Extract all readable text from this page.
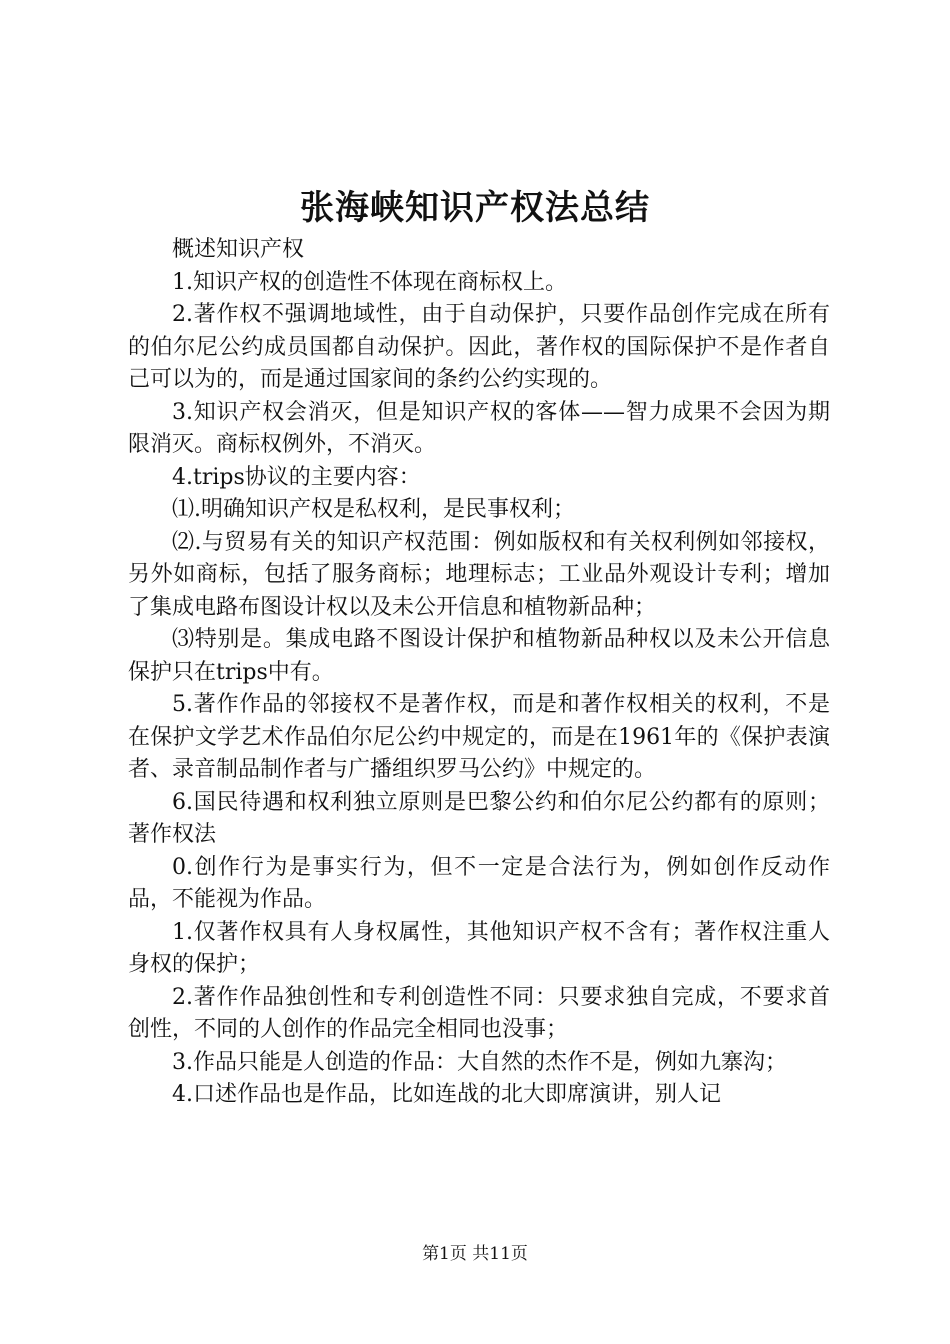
张海峡知识产权法总结

概述知识产权

1.知识产权的创造性不体现在商标权上。

2.著作权不强调地域性，由于自动保护，只要作品创作完成在所有的伯尔尼公约成员国都自动保护。因此，著作权的国际保护不是作者自己可以为的，而是通过国家间的条约公约实现的。

3.知识产权会消灭，但是知识产权的客体——智力成果不会因为期限消灭。商标权例外，不消灭。

4.trips协议的主要内容：

⑴.明确知识产权是私权利，是民事权利；

⑵.与贸易有关的知识产权范围：例如版权和有关权利例如邻接权，另外如商标，包括了服务商标；地理标志；工业品外观设计专利；增加了集成电路布图设计权以及未公开信息和植物新品种；

⑶特别是。集成电路不图设计保护和植物新品种权以及未公开信息保护只在trips中有。

5.著作作品的邻接权不是著作权，而是和著作权相关的权利，不是在保护文学艺术作品伯尔尼公约中规定的，而是在1961年的《保护表演者、录音制品制作者与广播组织罗马公约》中规定的。

6.国民待遇和权利独立原则是巴黎公约和伯尔尼公约都有的原则；著作权法

0.创作行为是事实行为，但不一定是合法行为，例如创作反动作品，不能视为作品。

1.仅著作权具有人身权属性，其他知识产权不含有；著作权注重人身权的保护；

2.著作作品独创性和专利创造性不同：只要求独自完成，不要求首创性，不同的人创作的作品完全相同也没事；

3.作品只能是人创造的作品：大自然的杰作不是，例如九寨沟；

4.口述作品也是作品，比如连战的北大即席演讲，别人记

第1页 共11页
